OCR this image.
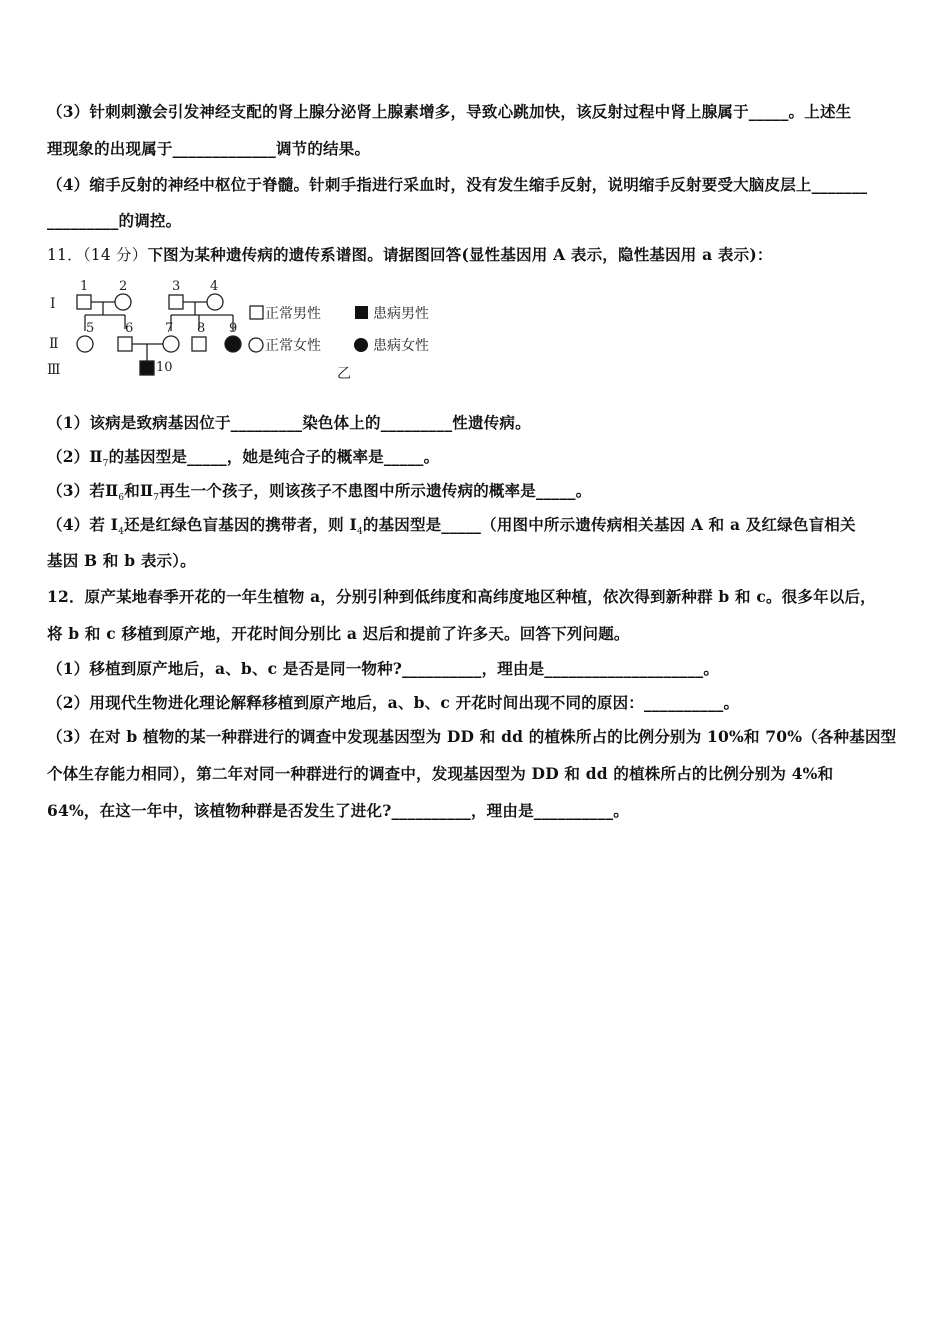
（3）针刺刺激会引发神经支配的肾上腺分泌肾上腺素增多，导致心跳加快，该反射过程中肾上腺属于_____。上述生
理现象的出现属于_____________调节的结果。
（4）缩手反射的神经中枢位于脊髓。针刺手指进行采血时，没有发生缩手反射，说明缩手反射要受大脑皮层上_______
_________的调控。
11．（14 分）下图为某种遗传病的遗传系谱图。请据图回答(显性基因用 A 表示，隐性基因用 a 表示)：
Ⅰ
Ⅱ
Ⅲ
1 2	3 4
5 6 7 8 9
10
正常男性	患病男性
正常女性	患病女性
乙
（1）该病是致病基因位于_________染色体上的_________性遗传病。
$(2)Ⅱ_7$的基因型是_____，她是纯合子的概率是_____。
（3）若$Ⅱ_6$和$Ⅱ_7$再生一个孩子，则该孩子不患图中所示遗传病的概率是_____。
（4）若 $I_4$还是红绿色盲基因的携带者，则 $I_4$的基因型是_____（用图中所示遗传病相关基因 A 和 a 及红绿色盲相关
基因 B 和 b 表示）。
12．原产某地春季开花的一年生植物 a，分别引种到低纬度和高纬度地区种植，依次得到新种群 b 和 c。很多年以后，
将 b 和 c 移植到原产地，开花时间分别比 a 迟后和提前了许多天。回答下列问题。
（1）移植到原产地后，a、b、c 是否是同一物种?__________，理由是____________________。
（2）用现代生物进化理论解释移植到原产地后，a、b、c 开花时间出现不同的原因：__________。
（3）在对 b 植物的某一种群进行的调查中发现基因型为 DD 和 dd 的植株所占的比例分别为 10%和 70%（各种基因型
个体生存能力相同），第二年对同一种群进行的调查中，发现基因型为 DD 和 dd 的植株所占的比例分别为 4%和
64%，在这一年中，该植物种群是否发生了进化?__________，理由是__________。
